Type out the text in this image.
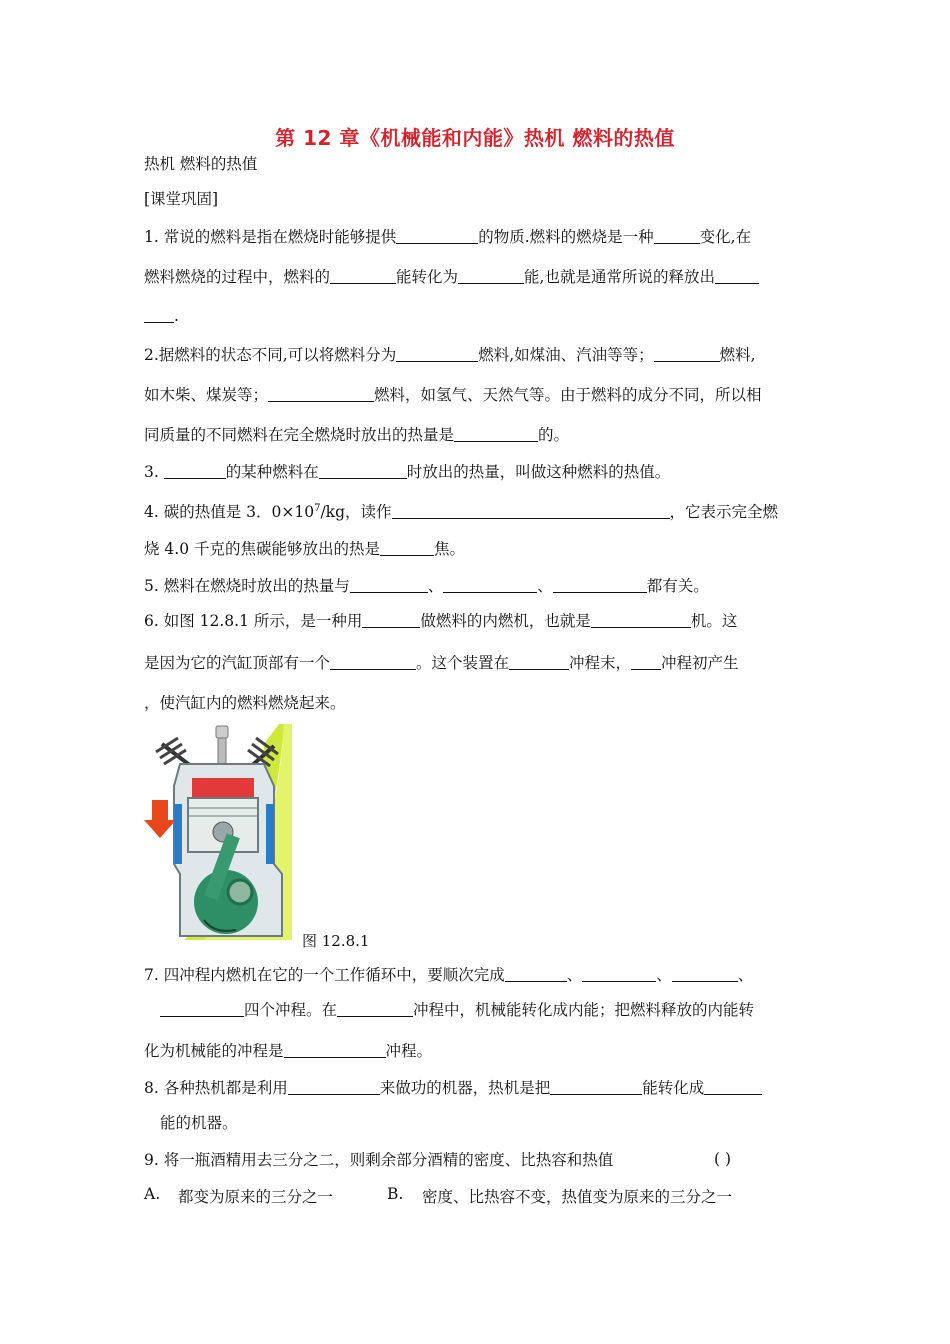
第 12 章《机械能和内能》热机 燃料的热值
热机 燃料的热值
[课堂巩固]
1. 常说的燃料是指在燃烧时能够提供	的物质.燃料的燃烧是一种	变化,在
燃料燃烧的过程中，燃料的	能转化为	能,也就是通常所说的释放出
.
2.据燃料的状态不同,可以将燃料分为	燃料,如煤油、汽油等等；	燃料,
如木柴、煤炭等；	燃料，如氢气、天然气等。由于燃料的成分不同，所以相
同质量的不同燃料在完全燃烧时放出的热量是	的。
3.	的某种燃料在	时放出的热量，叫做这种燃料的热值。
4. 碳的热值是 3．$0\times 10^7/kg$，读作	，它表示完全燃
烧 4.0 千克的焦碳能够放出的热是	焦。
5. 燃料在燃烧时放出的热量与	、	、	都有关。
6. 如图 12.8.1 所示，是一种用	做燃料的内燃机，也就是	机。这
是因为它的汽缸顶部有一个	。这个装置在	冲程末， 冲程初产生
，使汽缸内的燃料燃烧起来。
图 12.8.1
7. 四冲程内燃机在它的一个工作循环中，要顺次完成	、	、	、
四个冲程。在	冲程中，机械能转化成内能；把燃料释放的内能转
化为机械能的冲程是	冲程。
8. 各种热机都是利用	来做功的机器，热机是把	能转化成
能的机器。
9. 将一瓶酒精用去三分之二，则剩余部分酒精的密度、比热容和热值	( )
A. 都变为原来的三分之一	B. 密度、比热容不变，热值变为原来的三分之一
